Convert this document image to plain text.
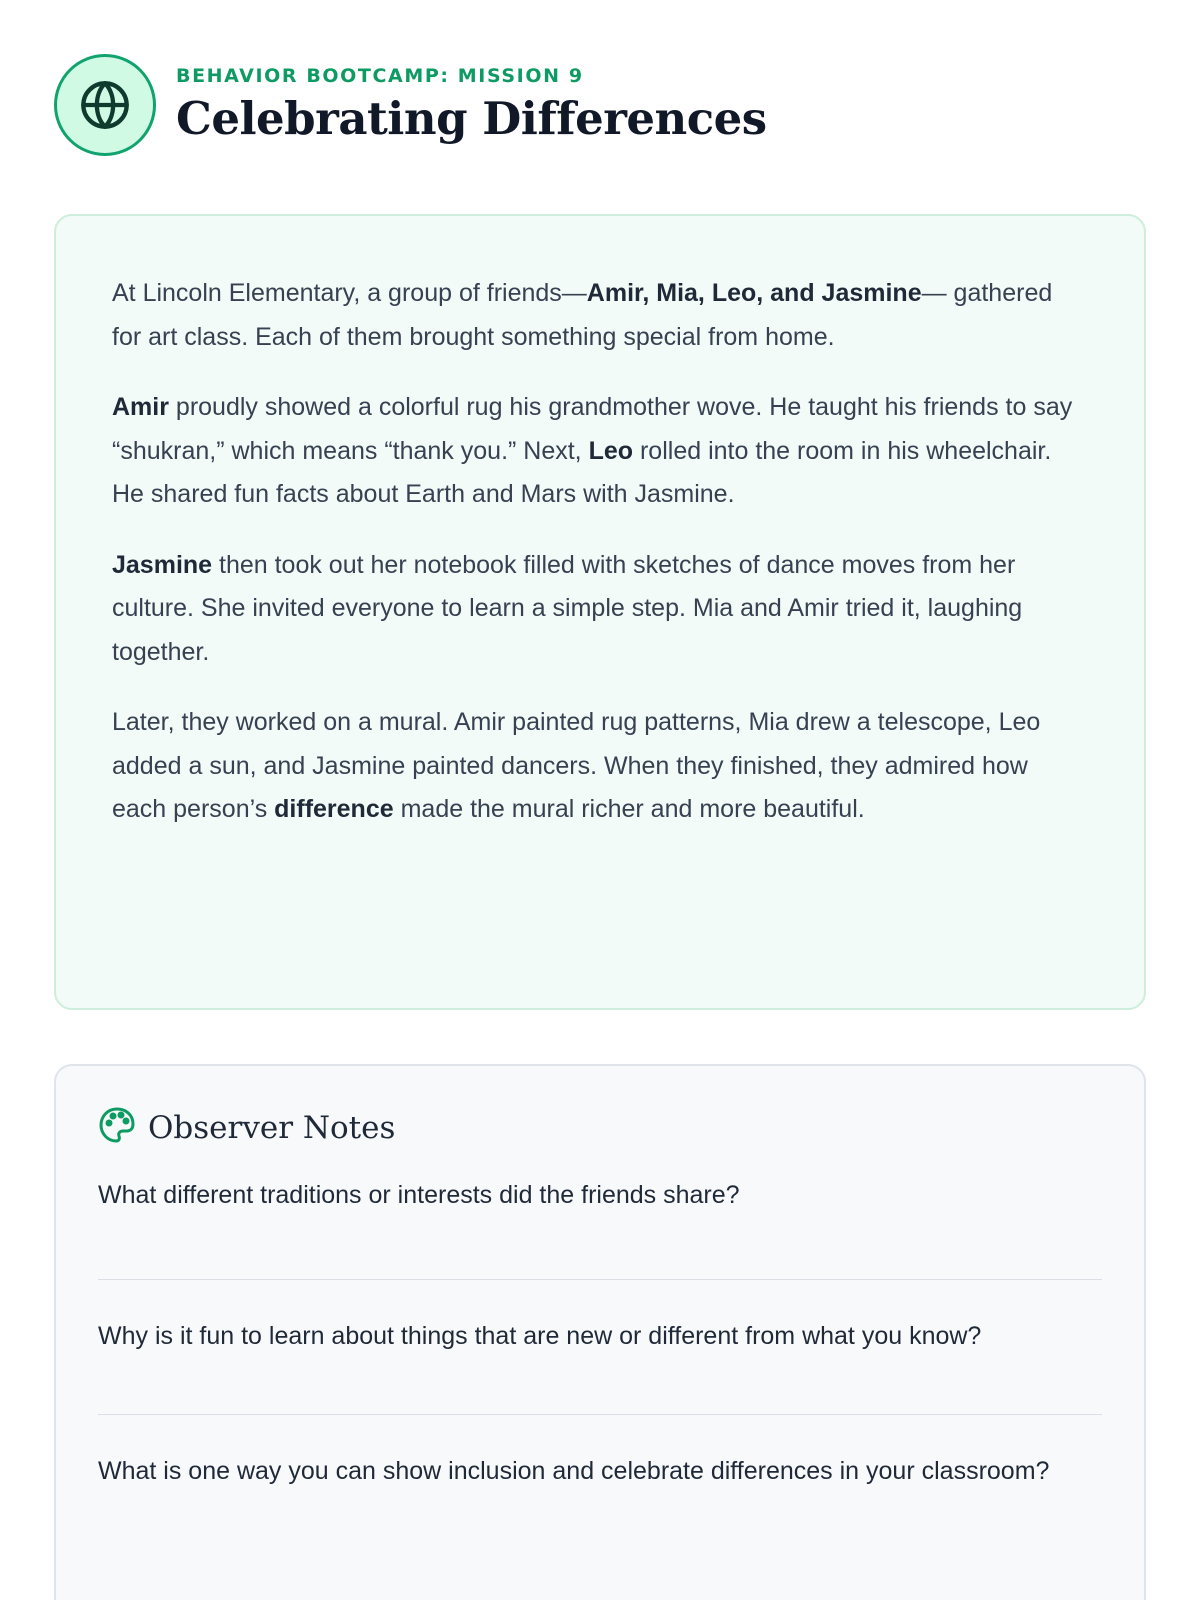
BEHAVIOR BOOTCAMP: MISSION 9

Celebrating Differences

At Lincoln Elementary, a group of friends—Amir, Mia, Leo, and Jasmine— gathered for art class. Each of them brought something special from home.

Amir proudly showed a colorful rug his grandmother wove. He taught his friends to say “shukran,” which means “thank you.” Next, Leo rolled into the room in his wheelchair. He shared fun facts about Earth and Mars with Jasmine.

Jasmine then took out her notebook filled with sketches of dance moves from her culture. She invited everyone to learn a simple step. Mia and Amir tried it, laughing together.

Later, they worked on a mural. Amir painted rug patterns, Mia drew a telescope, Leo added a sun, and Jasmine painted dancers. When they finished, they admired how each person’s difference made the mural richer and more beautiful.

Observer Notes

What different traditions or interests did the friends share?

Why is it fun to learn about things that are new or different from what you know?

What is one way you can show inclusion and celebrate differences in your classroom?
